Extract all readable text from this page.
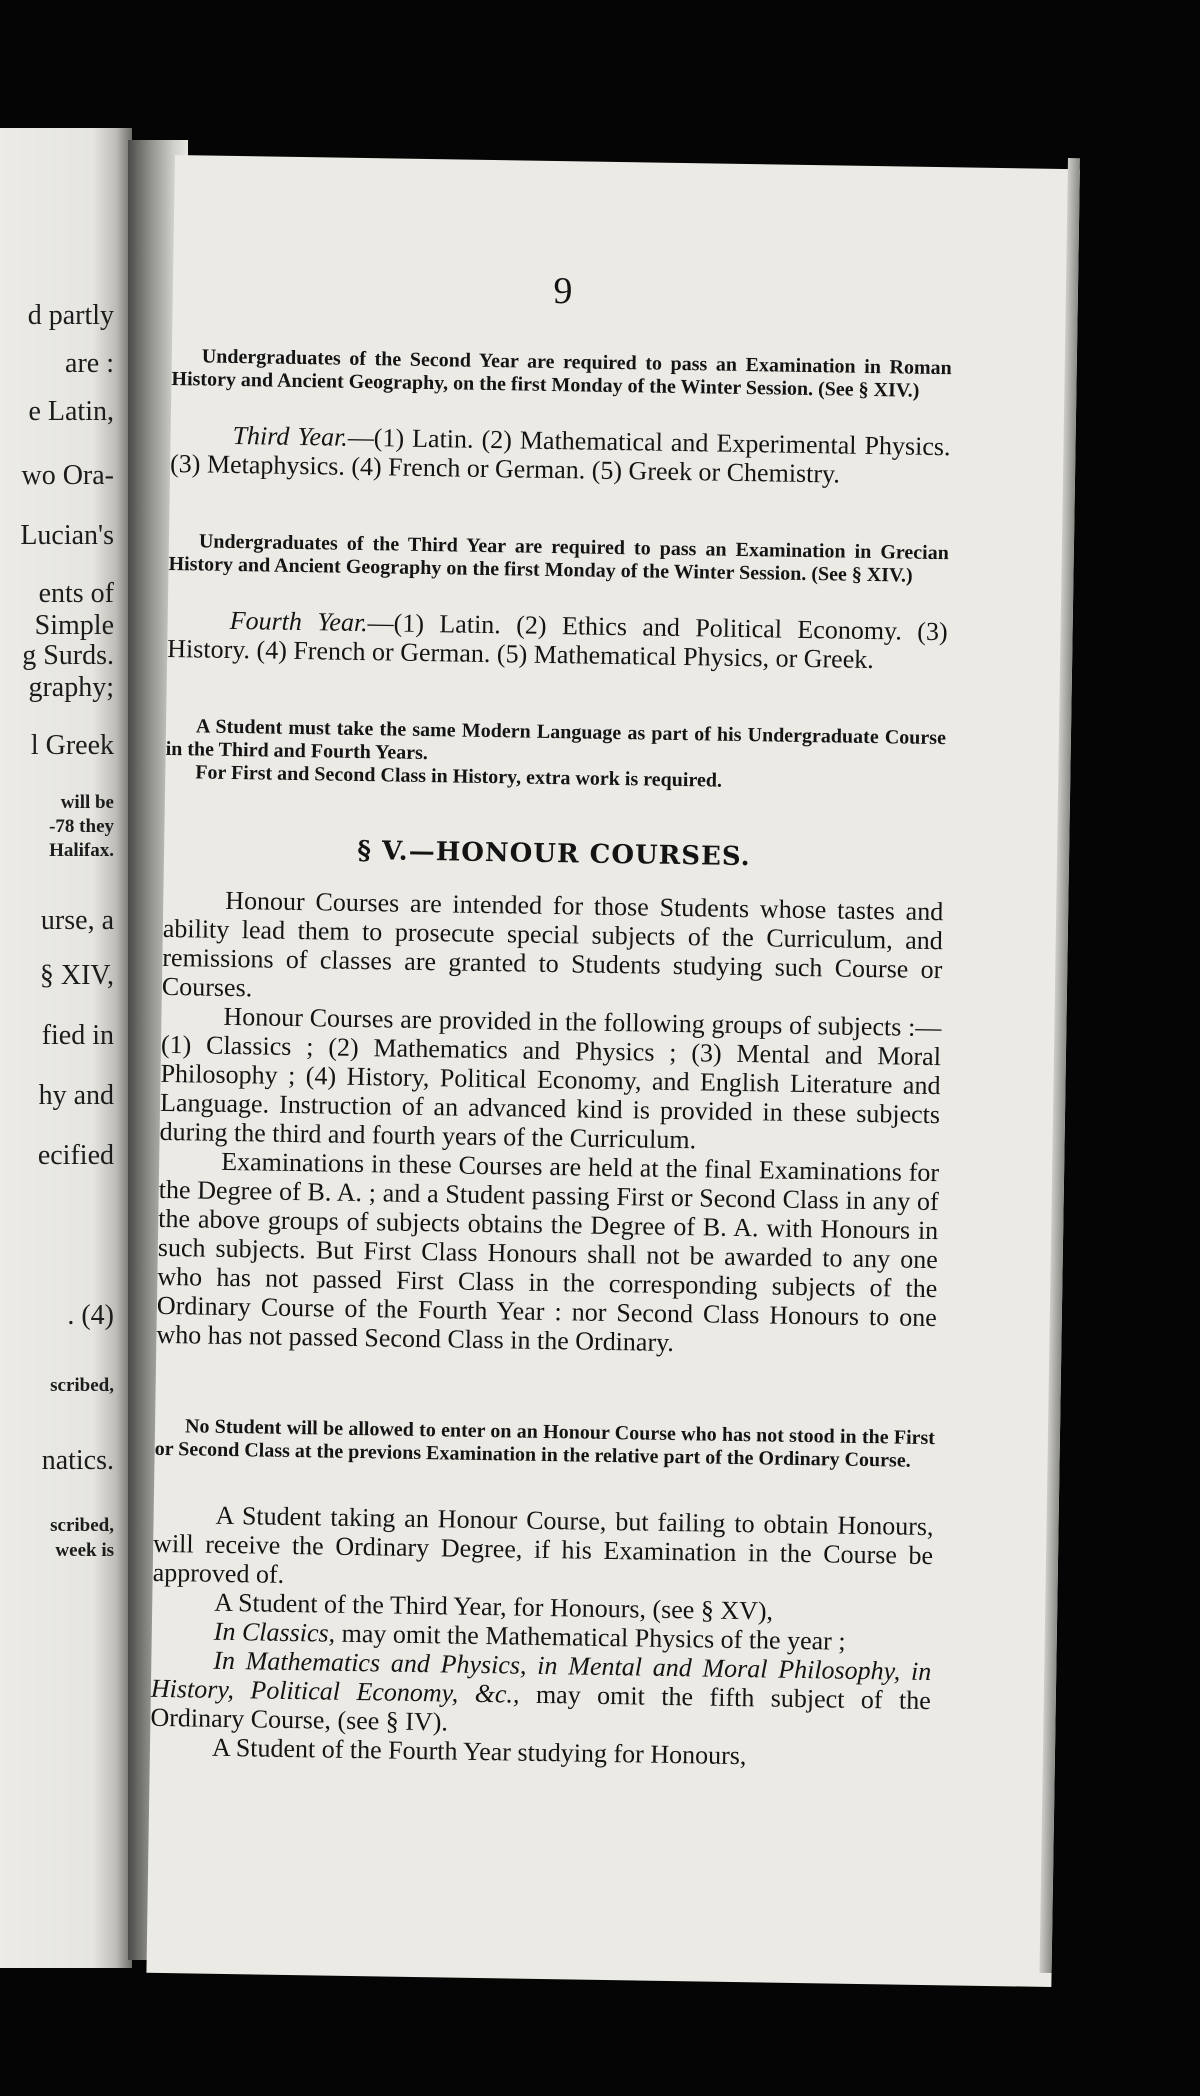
d partly
are :
e Latin,
wo Ora-
Lucian's
ents of
Simple
g Surds.
graphy;
l Greek
will be
-78 they
Halifax.
urse, a
§ XIV,
fied in
hy and
ecified
. (4)
scribed,
natics.
scribed,
week is
9

Undergraduates of the Second Year are required to pass an Examination in Roman History and Ancient Geography, on the first Monday of the Winter Session. (See § XIV.)

Third Year.—(1) Latin. (2) Mathematical and Experimental Physics. (3) Metaphysics. (4) French or German. (5) Greek or Chemistry.

Undergraduates of the Third Year are required to pass an Examination in Grecian History and Ancient Geography on the first Monday of the Winter Session. (See § XIV.)

Fourth Year.—(1) Latin. (2) Ethics and Political Economy. (3) History. (4) French or German. (5) Mathematical Physics, or Greek.

A Student must take the same Modern Language as part of his Undergraduate Course in the Third and Fourth Years.

For First and Second Class in History, extra work is required.

§ V.—HONOUR COURSES.

Honour Courses are intended for those Students whose tastes and ability lead them to prosecute special subjects of the Curriculum, and remissions of classes are granted to Students studying such Course or Courses.

Honour Courses are provided in the following groups of subjects :—(1) Classics ; (2) Mathematics and Physics ; (3) Mental and Moral Philosophy ; (4) History, Political Economy, and English Literature and Language. Instruction of an advanced kind is provided in these subjects during the third and fourth years of the Curriculum.

Examinations in these Courses are held at the final Examinations for the Degree of B. A. ; and a Student passing First or Second Class in any of the above groups of subjects obtains the Degree of B. A. with Honours in such subjects. But First Class Honours shall not be awarded to any one who has not passed First Class in the corresponding subjects of the Ordinary Course of the Fourth Year : nor Second Class Honours to one who has not passed Second Class in the Ordinary.

No Student will be allowed to enter on an Honour Course who has not stood in the First or Second Class at the previons Examination in the relative part of the Ordinary Course.

A Student taking an Honour Course, but failing to obtain Honours, will receive the Ordinary Degree, if his Examination in the Course be approved of.

A Student of the Third Year, for Honours, (see § XV),

In Classics, may omit the Mathematical Physics of the year ;

In Mathematics and Physics, in Mental and Moral Philosophy, in History, Political Economy, &c., may omit the fifth subject of the Ordinary Course, (see § IV).

A Student of the Fourth Year studying for Honours,
